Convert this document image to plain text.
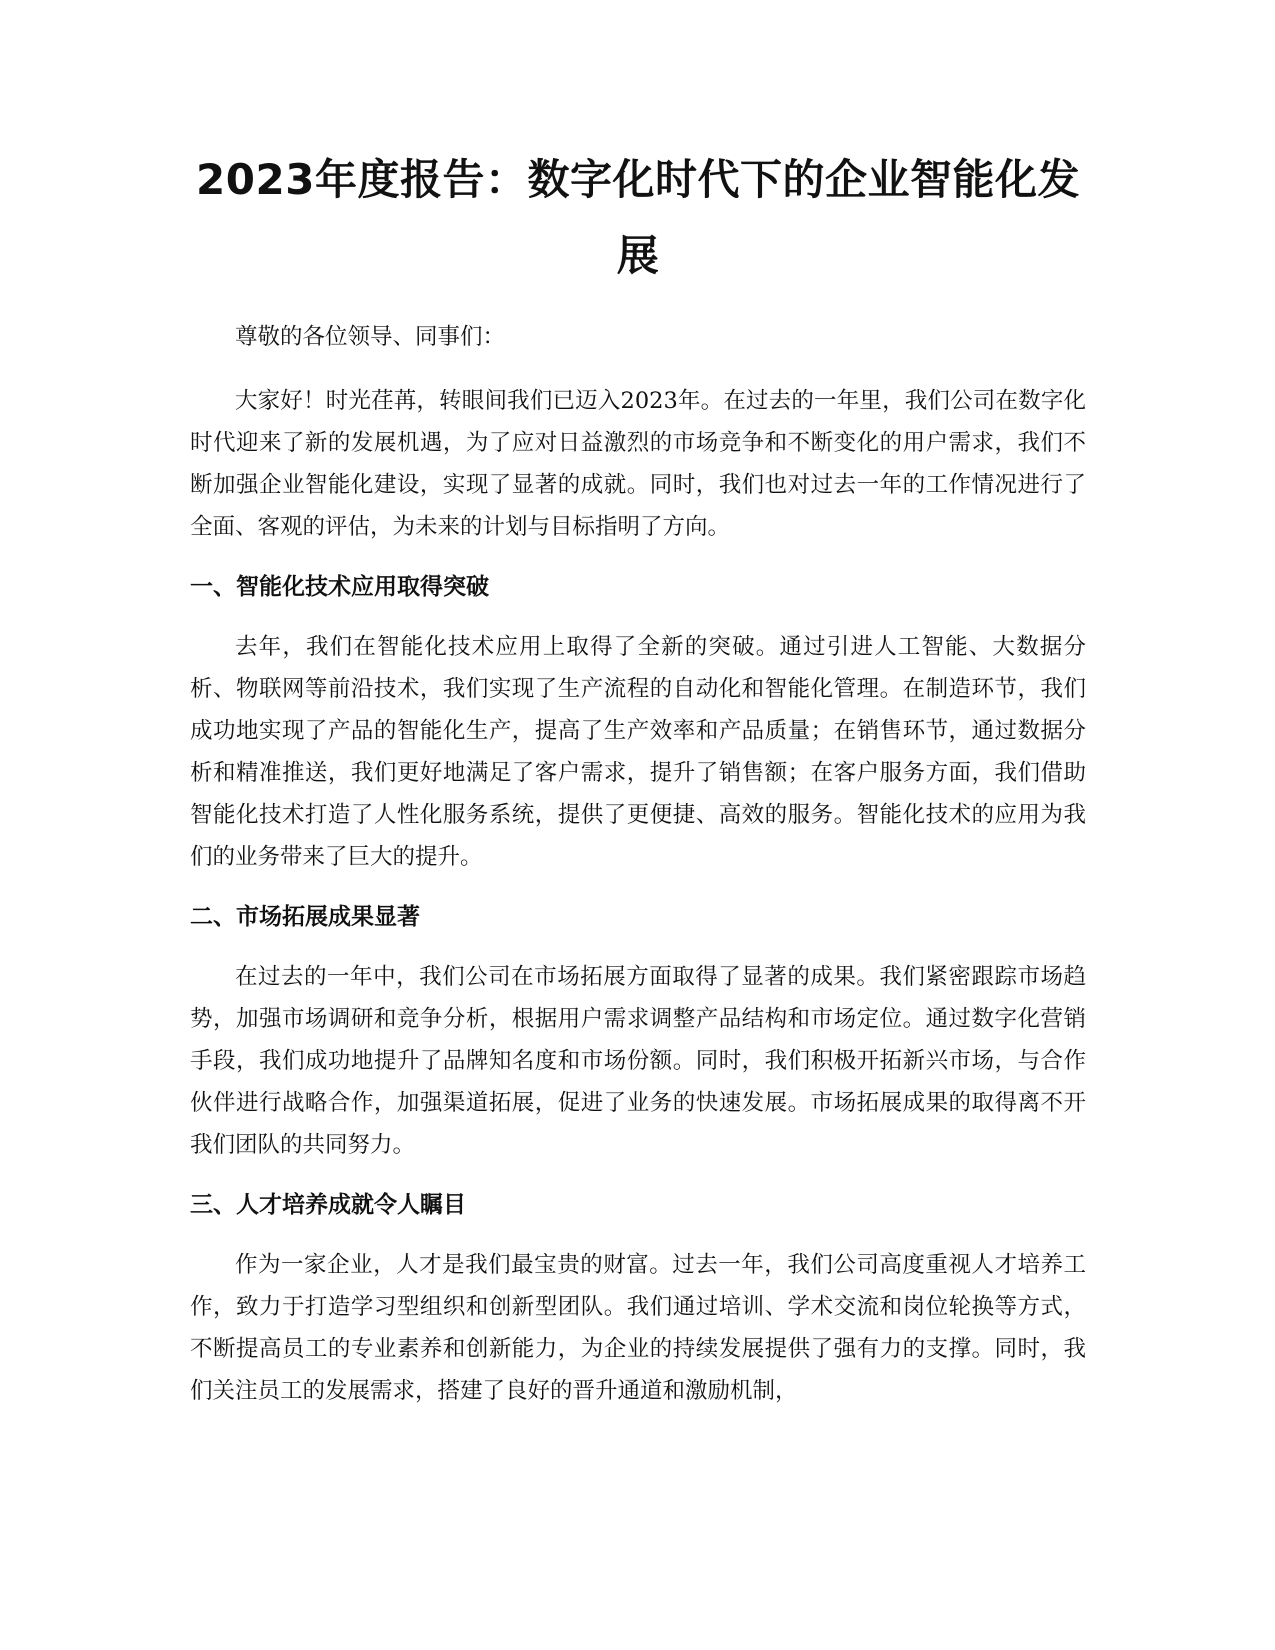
2023年度报告：数字化时代下的企业智能化发展

尊敬的各位领导、同事们：

大家好！时光荏苒，转眼间我们已迈入2023年。在过去的一年里，我们公司在数字化时代迎来了新的发展机遇，为了应对日益激烈的市场竞争和不断变化的用户需求，我们不断加强企业智能化建设，实现了显著的成就。同时，我们也对过去一年的工作情况进行了全面、客观的评估，为未来的计划与目标指明了方向。

一、智能化技术应用取得突破

去年，我们在智能化技术应用上取得了全新的突破。通过引进人工智能、大数据分析、物联网等前沿技术，我们实现了生产流程的自动化和智能化管理。在制造环节，我们成功地实现了产品的智能化生产，提高了生产效率和产品质量；在销售环节，通过数据分析和精准推送，我们更好地满足了客户需求，提升了销售额；在客户服务方面，我们借助智能化技术打造了人性化服务系统，提供了更便捷、高效的服务。智能化技术的应用为我们的业务带来了巨大的提升。

二、市场拓展成果显著

在过去的一年中，我们公司在市场拓展方面取得了显著的成果。我们紧密跟踪市场趋势，加强市场调研和竞争分析，根据用户需求调整产品结构和市场定位。通过数字化营销手段，我们成功地提升了品牌知名度和市场份额。同时，我们积极开拓新兴市场，与合作伙伴进行战略合作，加强渠道拓展，促进了业务的快速发展。市场拓展成果的取得离不开我们团队的共同努力。

三、人才培养成就令人瞩目

作为一家企业，人才是我们最宝贵的财富。过去一年，我们公司高度重视人才培养工作，致力于打造学习型组织和创新型团队。我们通过培训、学术交流和岗位轮换等方式，不断提高员工的专业素养和创新能力，为企业的持续发展提供了强有力的支撑。同时，我们关注员工的发展需求，搭建了良好的晋升通道和激励机制，
